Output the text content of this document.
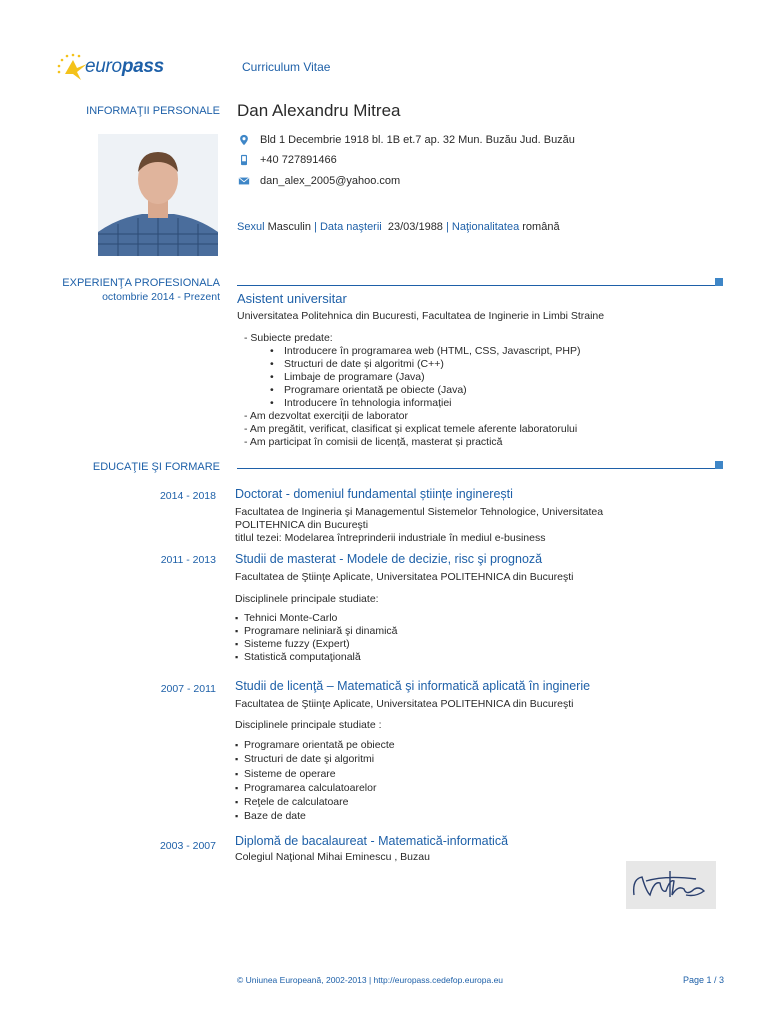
europass	Curriculum Vitae
INFORMAŢII PERSONALE Dan Alexandru Mitrea
Bld 1 Decembrie 1918 bl. 1B et.7 ap. 32 Mun. Buzău Jud. Buzău
+40 727891466
dan_alex_2005@yahoo.com
Sexul Masculin | Data naşterii 23/03/1988 | Naţionalitatea română
EXPERIENŢA PROFESIONALA
octombrie 2014 - Prezent Asistent universitar
Universitatea Politehnica din Bucuresti, Facultatea de Inginerie in Limbi Straine
- Subiecte predate:
• Introducere în programarea web (HTML, CSS, Javascript, PHP)
• Structuri de date și algoritmi (C++)
• Limbaje de programare (Java)
• Programare orientată pe obiecte (Java)
• Introducere în tehnologia informației
- Am dezvoltat exerciții de laborator
- Am pregătit, verificat, clasificat și explicat temele aferente laboratorului
- Am participat în comisii de licență, masterat și practică
EDUCAŢIE ŞI FORMARE
2014 - 2018 Doctorat - domeniul fundamental științe inginerești
Facultatea de Ingineria şi Managementul Sistemelor Tehnologice, Universitatea
POLITEHNICA din Bucureşti
titlul tezei: Modelarea întreprinderii industriale în mediul e-business
2011 - 2013 Studii de masterat - Modele de decizie, risc şi prognoză
Facultatea de Ştiinţe Aplicate, Universitatea POLITEHNICA din Bucureşti
Disciplinele principale studiate:
▪ Tehnici Monte-Carlo
▪ Programare neliniară şi dinamică
▪ Sisteme fuzzy (Expert)
▪ Statistică computaţională
2007 - 2011 Studii de licenţă – Matematică şi informatică aplicată în inginerie
Facultatea de Ştiinţe Aplicate, Universitatea POLITEHNICA din Bucureşti
Disciplinele principale studiate :
▪ Programare orientată pe obiecte
▪ Structuri de date şi algoritmi
▪ Sisteme de operare
▪ Programarea calculatoarelor
▪ Reţele de calculatoare
▪ Baze de date
2003 - 2007 Diplomă de bacalaureat - Matematică-informatică
Colegiul Naţional Mihai Eminescu , Buzau
© Uniunea Europeană, 2002-2013 | http://europass.cedefop.europa.eu	Page 1 / 3
